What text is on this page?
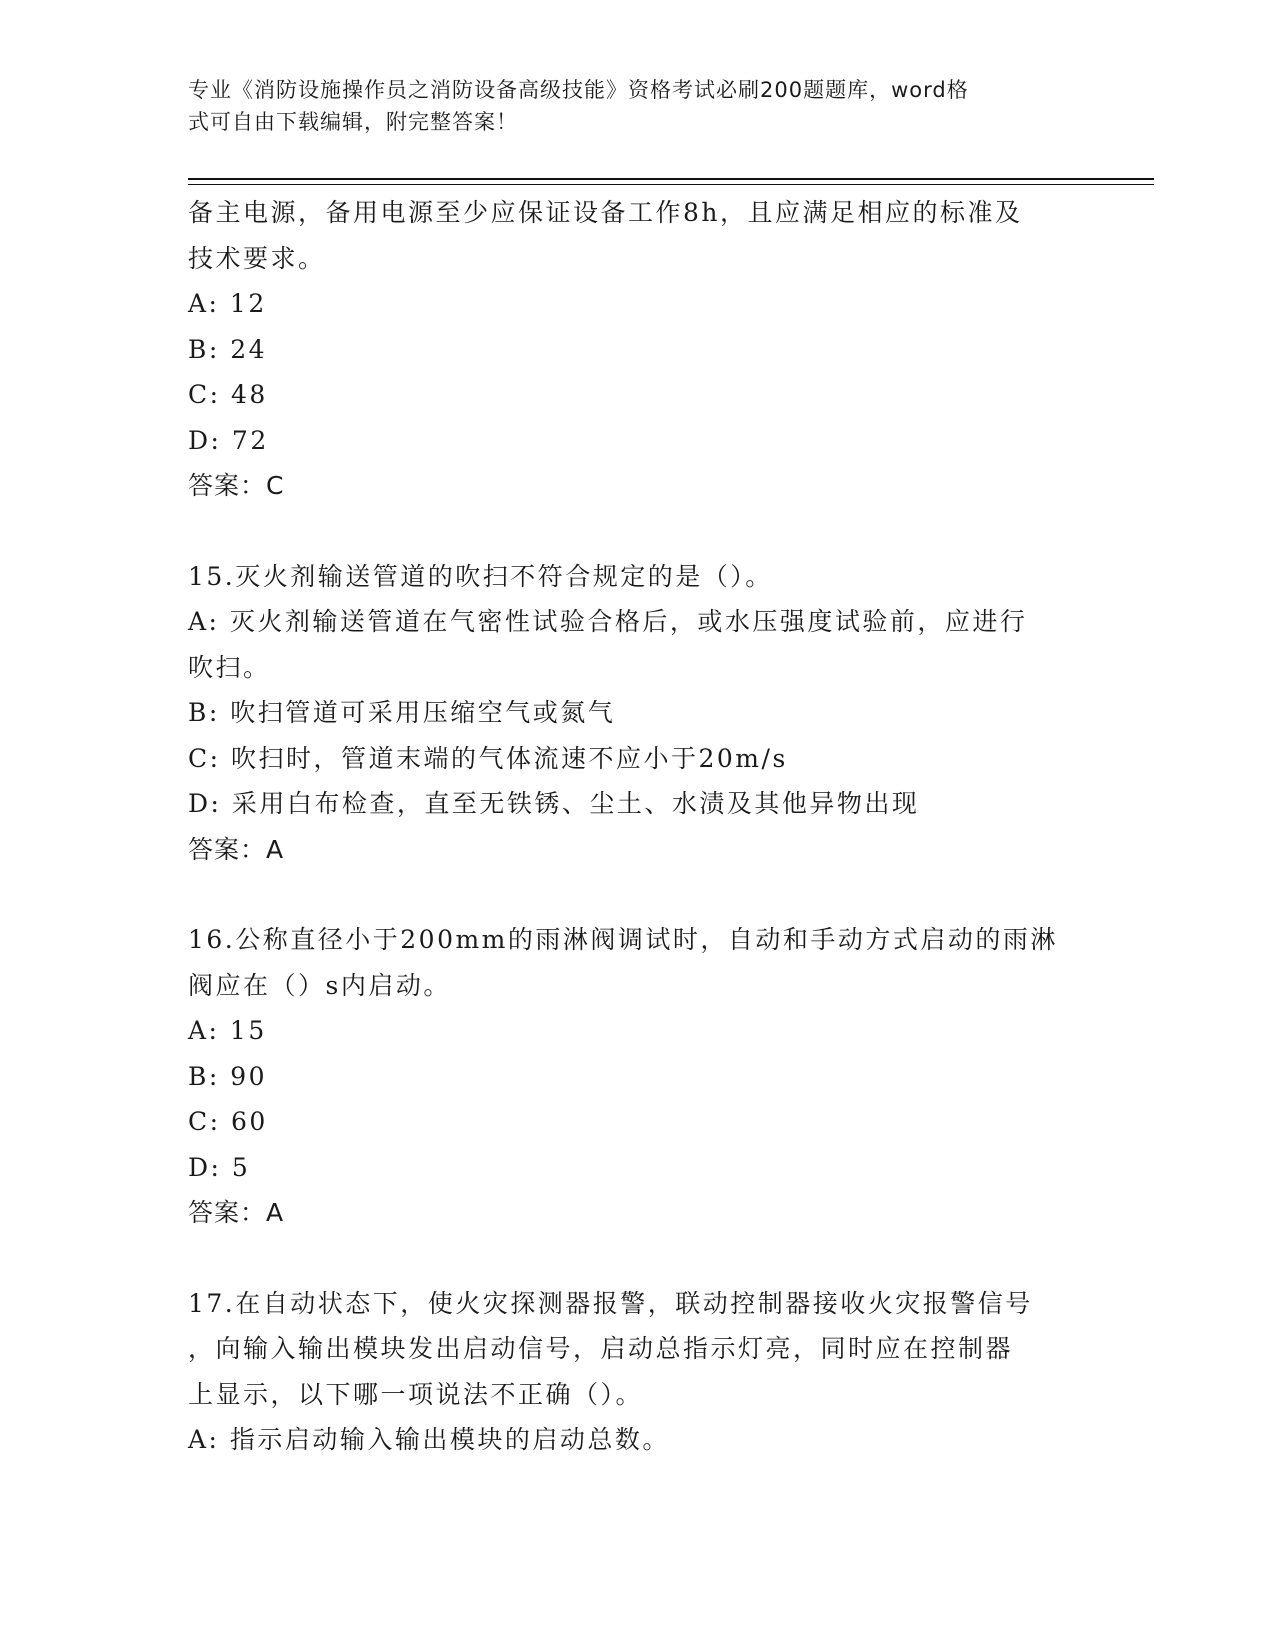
专业《消防设施操作员之消防设备高级技能》资格考试必刷200题题库，word格
式可自由下载编辑，附完整答案！
备主电源，备用电源至少应保证设备工作8h，且应满足相应的标准及
技术要求。
A: 12
B: 24
C: 48
D: 72
答案：C
15.灭火剂输送管道的吹扫不符合规定的是（）。
A: 灭火剂输送管道在气密性试验合格后，或水压强度试验前，应进行
吹扫。
B: 吹扫管道可采用压缩空气或氮气
C: 吹扫时，管道末端的气体流速不应小于20m/s
D: 采用白布检查，直至无铁锈、尘土、水渍及其他异物出现
答案：A
16.公称直径小于200mm的雨淋阀调试时，自动和手动方式启动的雨淋
阀应在（）s内启动。
A: 15
B: 90
C: 60
D: 5
答案：A
17.在自动状态下，使火灾探测器报警，联动控制器接收火灾报警信号
，向输入输出模块发出启动信号，启动总指示灯亮，同时应在控制器
上显示，以下哪一项说法不正确（）。
A: 指示启动输入输出模块的启动总数。
